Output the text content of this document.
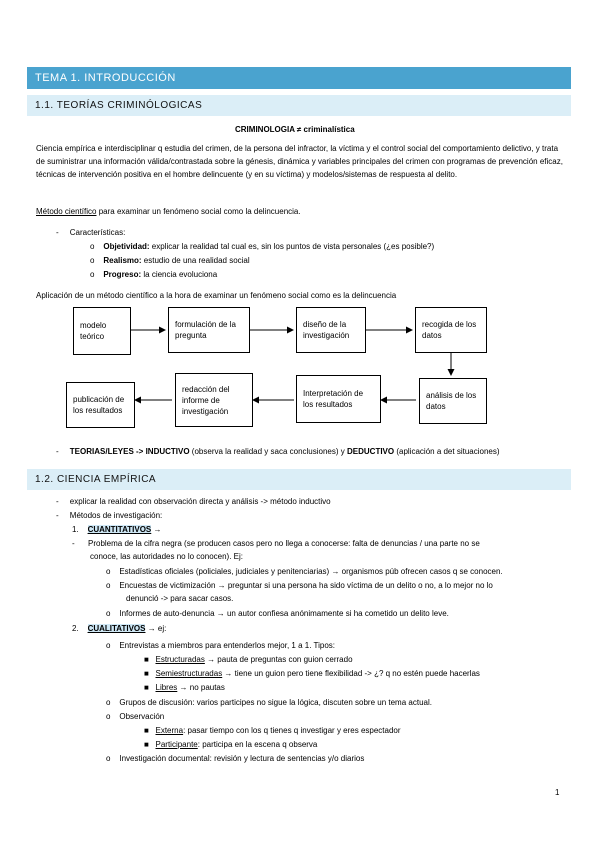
TEMA 1. INTRODUCCIÓN
1.1. TEORÍAS CRIMINÓLOGICAS
CRIMINOLOGIA ≠ criminalística
Ciencia empírica e interdisciplinar q estudia del crimen, de la persona del infractor, la víctima y el control social del comportamiento delictivo, y trata de suministrar una información válida/contrastada sobre la génesis, dinámica y variables principales del crimen con programas de prevención eficaz, técnicas de intervención positiva en el hombre delincuente (y en su víctima) y modelos/sistemas de respuesta al delito.
Método científico para examinar un fenómeno social como la delincuencia.
-     Características:
o    Objetividad: explicar la realidad tal cual es, sin los puntos de vista personales (¿es posible?)
o    Realismo: estudio de una realidad social
o    Progreso: la ciencia evoluciona
Aplicación de un método científico a la hora de examinar un fenómeno social como es la delincuencia
modelo teórico
formulación de la pregunta
diseño de la investigación
recogida de los datos
análisis de los datos
Interpretación de los resultados
redacción del informe de investigación
publicación de los resultados
-     TEORIAS/LEYES -> INDUCTIVO (observa la realidad y saca conclusiones) y DEDUCTIVO (aplicación a det situaciones)
1.2. CIENCIA EMPÍRICA
-     explicar la realidad con observación directa y análisis -> método inductivo
-     Métodos de investigación:
1. CUANTITATIVOS →
-      Problema de la cifra negra (se producen casos pero no llega a conocerse: falta de denuncias / una parte no se
conoce, las autoridades no lo conocen). Ej:
o    Estadísticas oficiales (policiales, judiciales y penitenciarias) → organismos púb ofrecen casos q se conocen.
o    Encuestas de victimización → preguntar si una persona ha sido víctima de un delito o no, a lo mejor no lo
denunció -> para sacar casos.
o    Informes de auto-denuncia → un autor confiesa anónimamente si ha cometido un delito leve.
2. CUALITATIVOS → ej:
o    Entrevistas a miembros para entenderlos mejor, 1 a 1. Tipos:
■   Estructuradas → pauta de preguntas con guion cerrado
■   Semiestructuradas → tiene un guion pero tiene flexibilidad -> ¿? q no estén puede hacerlas
■   Libres → no pautas
o    Grupos de discusión: varios participes no sigue la lógica, discuten sobre un tema actual.
o    Observación
■   Externa: pasar tiempo con los q tienes q investigar y eres espectador
■   Participante: participa en la escena q observa
o    Investigación documental: revisión y lectura de sentencias y/o diarios
1
